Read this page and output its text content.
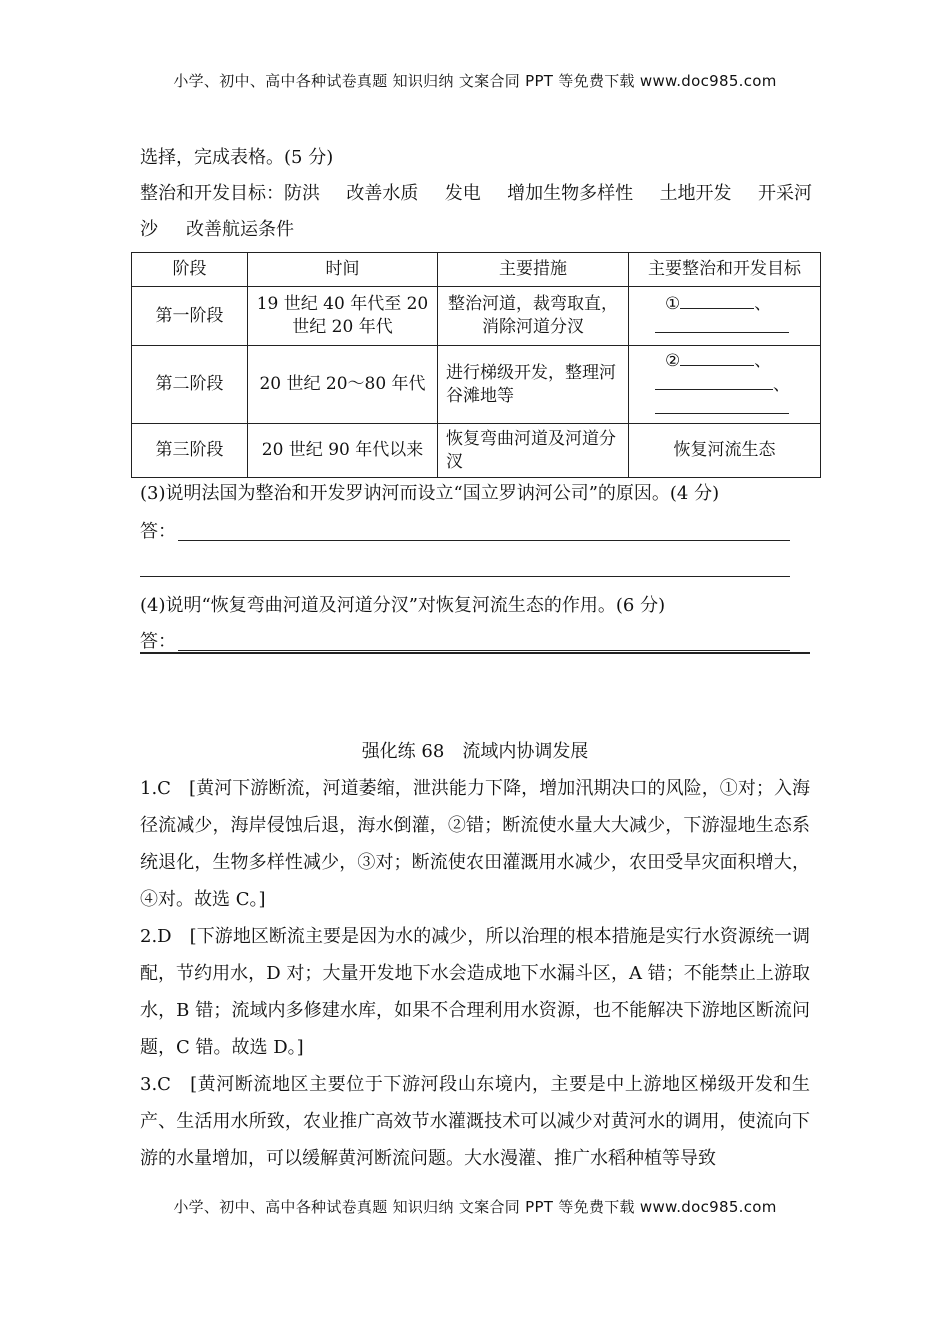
小学、初中、高中各种试卷真题 知识归纳 文案合同 PPT 等免费下载 www.doc985.com
选择，完成表格。(5 分)
整治和开发目标：防洪 改善水质 发电 增加生物多样性 土地开发 开采河
沙 改善航运条件
阶段	时间	主要措施	主要整治和开发目标
第一阶段	19 世纪 40 年代至 20 世纪 20 年代	整治河道，裁弯取直，消除河道分汊	① 、

第二阶段	20 世纪 20～80 年代	进行梯级开发，整理河谷滩地等	② 、
、

第三阶段	20 世纪 90 年代以来	恢复弯曲河道及河道分汊	恢复河流生态
(3)说明法国为整治和开发罗讷河而设立“国立罗讷河公司”的原因。(4 分)
答：
(4)说明“恢复弯曲河道及河道分汊”对恢复河流生态的作用。(6 分)
答：
强化练 68　流域内协调发展

1.C　[黄河下游断流，河道萎缩，泄洪能力下降，增加汛期决口的风险，①对；入海径流减少，海岸侵蚀后退，海水倒灌，②错；断流使水量大大减少，下游湿地生态系统退化，生物多样性减少，③对；断流使农田灌溉用水减少，农田受旱灾面积增大，④对。故选 C。]

2.D　[下游地区断流主要是因为水的减少，所以治理的根本措施是实行水资源统一调配，节约用水，D 对；大量开发地下水会造成地下水漏斗区，A 错；不能禁止上游取水，B 错；流域内多修建水库，如果不合理利用水资源，也不能解决下游地区断流问题，C 错。故选 D。]

3.C　[黄河断流地区主要位于下游河段山东境内，主要是中上游地区梯级开发和生产、生活用水所致，农业推广高效节水灌溉技术可以减少对黄河水的调用，使流向下游的水量增加，可以缓解黄河断流问题。大水漫灌、推广水稻种植等导致

小学、初中、高中各种试卷真题 知识归纳 文案合同 PPT 等免费下载 www.doc985.com
